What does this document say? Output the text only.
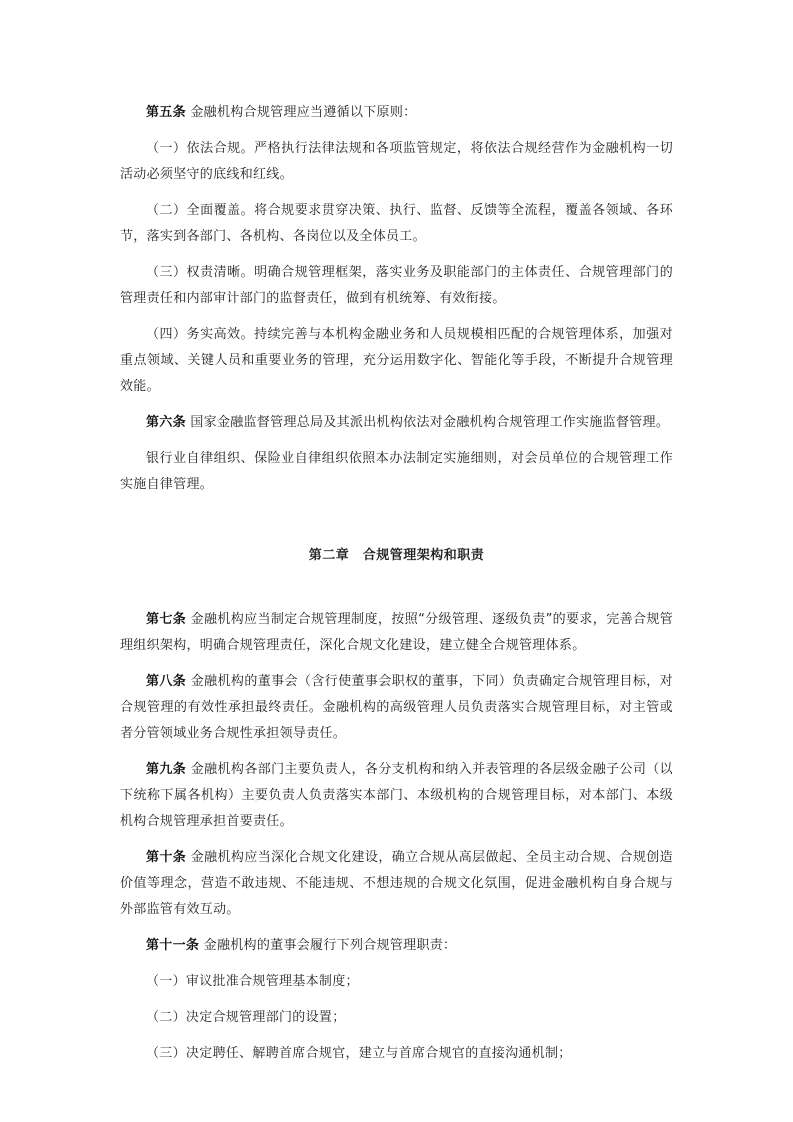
第五条 金融机构合规管理应当遵循以下原则：

（一）依法合规。严格执行法律法规和各项监管规定，将依法合规经营作为金融机构一切活动必须坚守的底线和红线。

（二）全面覆盖。将合规要求贯穿决策、执行、监督、反馈等全流程，覆盖各领域、各环节，落实到各部门、各机构、各岗位以及全体员工。

（三）权责清晰。明确合规管理框架，落实业务及职能部门的主体责任、合规管理部门的管理责任和内部审计部门的监督责任，做到有机统筹、有效衔接。

（四）务实高效。持续完善与本机构金融业务和人员规模相匹配的合规管理体系，加强对重点领域、关键人员和重要业务的管理，充分运用数字化、智能化等手段，不断提升合规管理效能。

第六条 国家金融监督管理总局及其派出机构依法对金融机构合规管理工作实施监督管理。

银行业自律组织、保险业自律组织依照本办法制定实施细则，对会员单位的合规管理工作实施自律管理。

第二章　合规管理架构和职责

第七条 金融机构应当制定合规管理制度，按照“分级管理、逐级负责”的要求，完善合规管理组织架构，明确合规管理责任，深化合规文化建设，建立健全合规管理体系。

第八条 金融机构的董事会（含行使董事会职权的董事，下同）负责确定合规管理目标，对合规管理的有效性承担最终责任。金融机构的高级管理人员负责落实合规管理目标，对主管或者分管领域业务合规性承担领导责任。

第九条 金融机构各部门主要负责人，各分支机构和纳入并表管理的各层级金融子公司（以下统称下属各机构）主要负责人负责落实本部门、本级机构的合规管理目标，对本部门、本级机构合规管理承担首要责任。

第十条 金融机构应当深化合规文化建设，确立合规从高层做起、全员主动合规、合规创造价值等理念，营造不敢违规、不能违规、不想违规的合规文化氛围，促进金融机构自身合规与外部监管有效互动。

第十一条 金融机构的董事会履行下列合规管理职责：

（一）审议批准合规管理基本制度；

（二）决定合规管理部门的设置；

（三）决定聘任、解聘首席合规官，建立与首席合规官的直接沟通机制；
